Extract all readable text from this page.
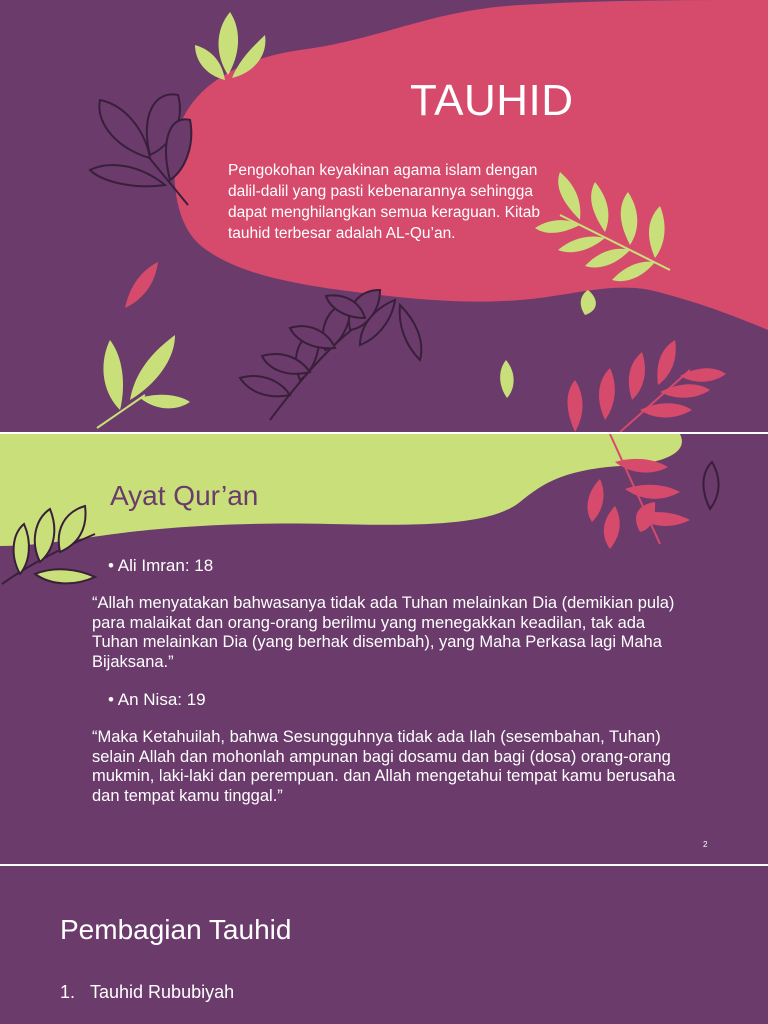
TAUHID
Pengokohan keyakinan agama islam dengan dalil-dalil yang pasti kebenarannya sehingga dapat menghilangkan semua keraguan. Kitab tauhid terbesar adalah AL-Qu’an.
Ayat Qur’an
• Ali Imran: 18
“Allah menyatakan bahwasanya tidak ada Tuhan melainkan Dia (demikian pula) para malaikat dan orang-orang berilmu yang menegakkan keadilan, tak ada Tuhan melainkan Dia (yang berhak disembah), yang Maha Perkasa lagi Maha Bijaksana.”
• An Nisa: 19
“Maka Ketahuilah, bahwa Sesungguhnya tidak ada Ilah (sesembahan, Tuhan) selain Allah dan mohonlah ampunan bagi dosamu dan bagi (dosa) orang-orang mukmin, laki-laki dan perempuan. dan Allah mengetahui tempat kamu berusaha dan tempat kamu tinggal.”
2
Pembagian Tauhid
1. Tauhid Rububiyah
